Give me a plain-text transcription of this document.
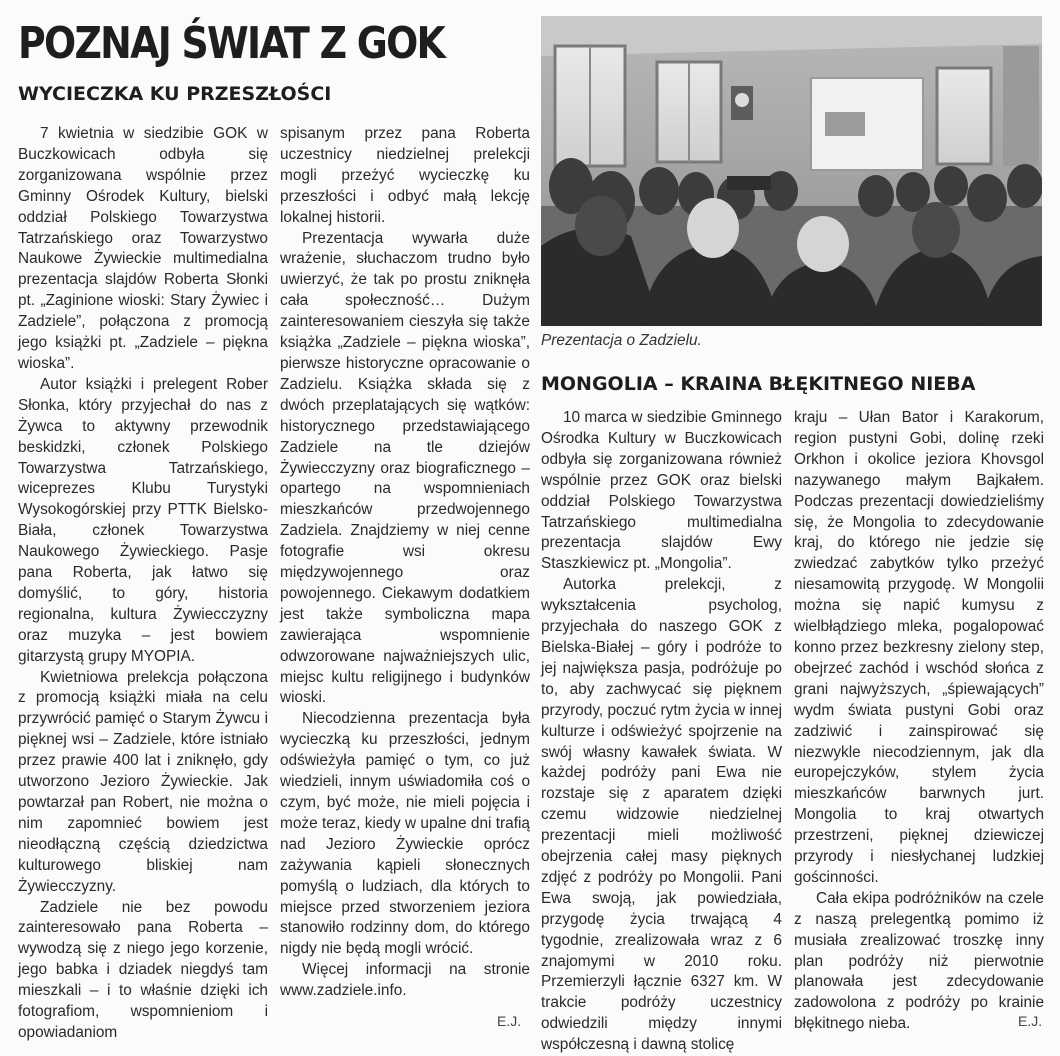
POZNAJ ŚWIAT Z GOK
WYCIECZKA KU PRZESZŁOŚCI

7 kwietnia w siedzibie GOK w Buczkowicach odbyła się zorganizowana wspólnie przez Gminny Ośrodek Kultury, bielski oddział Polskiego Towarzystwa Tatrzańskiego oraz Towarzystwo Naukowe Żywieckie multimedialna prezentacja slajdów Roberta Słonki pt. „Zaginione wioski: Stary Żywiec i Zadziele”, połączona z promocją jego książki pt. „Zadziele – piękna wioska”.

Autor książki i prelegent Rober Słonka, który przyjechał do nas z Żywca to aktywny przewodnik beskidzki, członek Polskiego Towarzystwa Tatrzańskiego, wiceprezes Klubu Turystyki Wysokogórskiej przy PTTK Bielsko-Biała, członek Towarzystwa Naukowego Żywieckiego. Pasje pana Roberta, jak łatwo się domyślić, to góry, historia regionalna, kultura Żywiecczyzny oraz muzyka – jest bowiem gitarzystą grupy MYOPIA.

Kwietniowa prelekcja połączona z promocją książki miała na celu przywrócić pamięć o Starym Żywcu i pięknej wsi – Zadziele, które istniało przez prawie 400 lat i zniknęło, gdy utworzono Jezioro Żywieckie. Jak powtarzał pan Robert, nie można o nim zapomnieć bowiem jest nieodłączną częścią dziedzictwa kulturowego bliskiej nam Żywiecczyzny.

Zadziele nie bez powodu zainteresowało pana Roberta – wywodzą się z niego jego korzenie, jego babka i dziadek niegdyś tam mieszkali – i to właśnie dzięki ich fotografiom, wspomnieniom i opowiadaniom

spisanym przez pana Roberta uczestnicy niedzielnej prelekcji mogli przeżyć wycieczkę ku przeszłości i odbyć małą lekcję lokalnej historii.

Prezentacja wywarła duże wrażenie, słuchaczom trudno było uwierzyć, że tak po prostu zniknęła cała społeczność… Dużym zainteresowaniem cieszyła się także książka „Zadziele – piękna wioska”, pierwsze historyczne opracowanie o Zadzielu. Książka składa się z dwóch przeplatających się wątków: historycznego przedstawiającego Zadziele na tle dziejów Żywiecczyzny oraz biograficznego – opartego na wspomnieniach mieszkańców przedwojennego Zadziela. Znajdziemy w niej cenne fotografie wsi okresu międzywojennego oraz powojennego. Ciekawym dodatkiem jest także symboliczna mapa zawierająca wspomnienie odwzorowane najważniejszych ulic, miejsc kultu religijnego i budynków wioski.

Niecodzienna prezentacja była wycieczką ku przeszłości, jednym odświeżyła pamięć o tym, co już wiedzieli, innym uświadomiła coś o czym, być może, nie mieli pojęcia i może teraz, kiedy w upalne dni trafią nad Jezioro Żywieckie oprócz zażywania kąpieli słonecznych pomyślą o ludziach, dla których to miejsce przed stworzeniem jeziora stanowiło rodzinny dom, do którego nigdy nie będą mogli wrócić.

Więcej informacji na stronie www.zadziele.info.

E.J.
Prezentacja o Zadzielu.
MONGOLIA – KRAINA BŁĘKITNEGO NIEBA

10 marca w siedzibie Gminnego Ośrodka Kultury w Buczkowicach odbyła się zorganizowana również wspólnie przez GOK oraz bielski oddział Polskiego Towarzystwa Tatrzańskiego multimedialna prezentacja slajdów Ewy Staszkiewicz pt. „Mongolia”.

Autorka prelekcji, z wykształcenia psycholog, przyjechała do naszego GOK z Bielska-Białej – góry i podróże to jej największa pasja, podróżuje po to, aby zachwycać się pięknem przyrody, poczuć rytm życia w innej kulturze i odświeżyć spojrzenie na swój własny kawałek świata. W każdej podróży pani Ewa nie rozstaje się z aparatem dzięki czemu widzowie niedzielnej prezentacji mieli możliwość obejrzenia całej masy pięknych zdjęć z podróży po Mongolii. Pani Ewa swoją, jak powiedziała, przygodę życia trwającą 4 tygodnie, zrealizowała wraz z 6 znajomymi w 2010 roku. Przemierzyli łącznie 6327 km. W trakcie podróży uczestnicy odwiedzili między innymi współczesną i dawną stolicę

kraju – Ułan Bator i Karakorum, region pustyni Gobi, dolinę rzeki Orkhon i okolice jeziora Khovsgol nazywanego małym Bajkałem. Podczas prezentacji dowiedzieliśmy się, że Mongolia to zdecydowanie kraj, do którego nie jedzie się zwiedzać zabytków tylko przeżyć niesamowitą przygodę. W Mongolii można się napić kumysu z wielbłądziego mleka, pogalopować konno przez bezkresny zielony step, obejrzeć zachód i wschód słońca z grani najwyższych, „śpiewających” wydm świata pustyni Gobi oraz zadziwić i zainspirować się niezwykle niecodziennym, jak dla europejczyków, stylem życia mieszkańców barwnych jurt. Mongolia to kraj otwartych przestrzeni, pięknej dziewiczej przyrody i niesłychanej ludzkiej gościnności.

Cała ekipa podróżników na czele z naszą prelegentką pomimo iż musiała zrealizować troszkę inny plan podróży niż pierwotnie planowała jest zdecydowanie zadowolona z podróży po krainie błękitnego nieba.	E.J.
